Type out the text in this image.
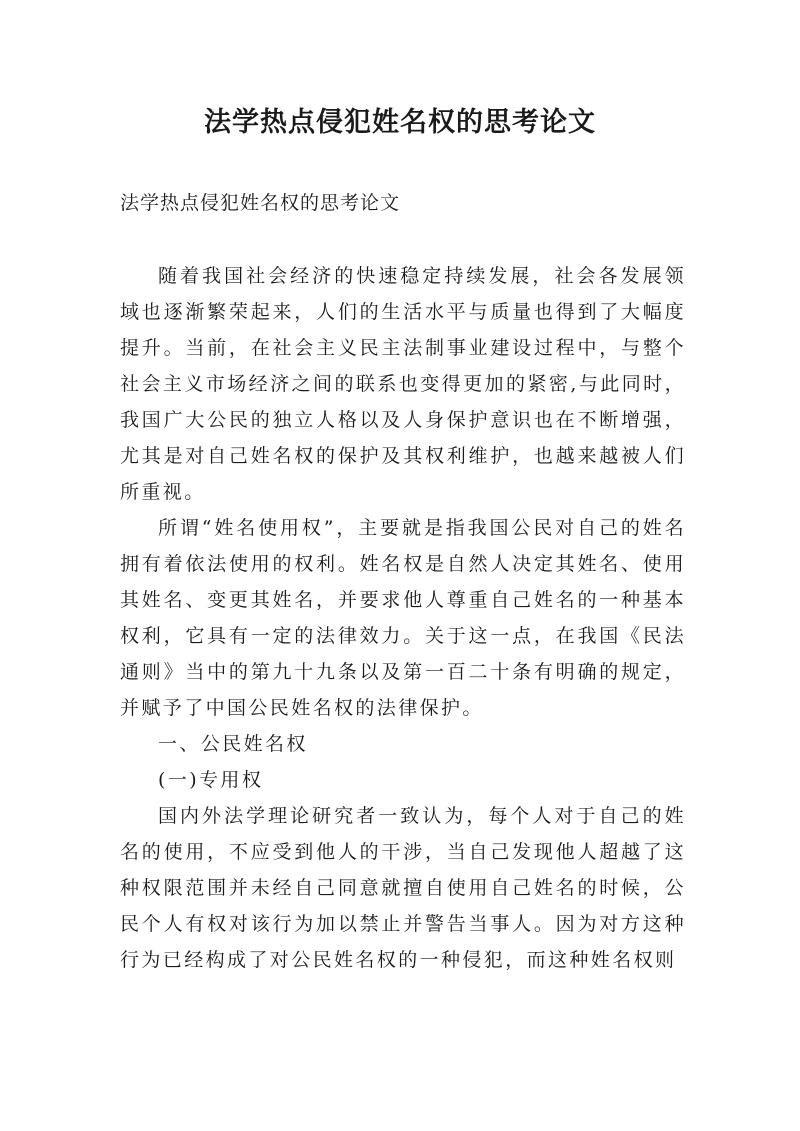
法学热点侵犯姓名权的思考论文

法学热点侵犯姓名权的思考论文

随着我国社会经济的快速稳定持续发展，社会各发展领域也逐渐繁荣起来，人们的生活水平与质量也得到了大幅度提升。当前，在社会主义民主法制事业建设过程中，与整个社会主义市场经济之间的联系也变得更加的紧密,与此同时，我国广大公民的独立人格以及人身保护意识也在不断增强，尤其是对自己姓名权的保护及其权利维护，也越来越被人们所重视。

所谓“姓名使用权”，主要就是指我国公民对自己的姓名拥有着依法使用的权利。姓名权是自然人决定其姓名、使用其姓名、变更其姓名，并要求他人尊重自己姓名的一种基本权利，它具有一定的法律效力。关于这一点，在我国《民法通则》当中的第九十九条以及第一百二十条有明确的规定，并赋予了中国公民姓名权的法律保护。

一、公民姓名权

(一)专用权

国内外法学理论研究者一致认为，每个人对于自己的姓名的使用，不应受到他人的干涉，当自己发现他人超越了这种权限范围并未经自己同意就擅自使用自己姓名的时候，公民个人有权对该行为加以禁止并警告当事人。因为对方这种行为已经构成了对公民姓名权的一种侵犯，而这种姓名权则
